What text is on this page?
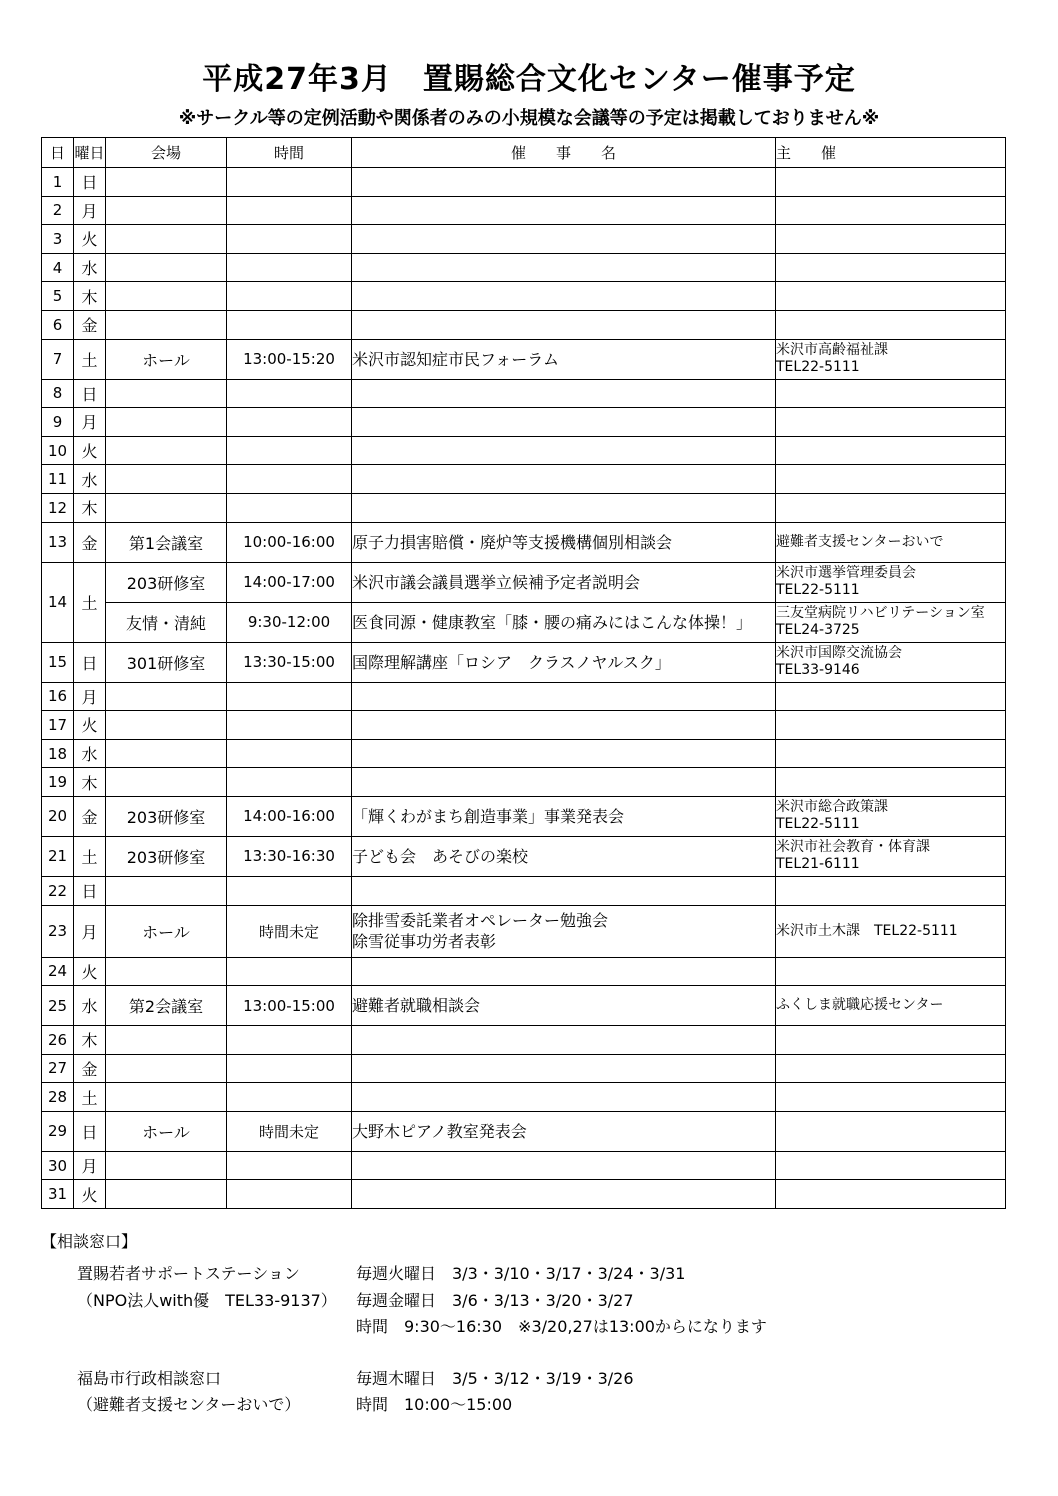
平成27年3月　置賜総合文化センター催事予定
※サークル等の定例活動や関係者のみの小規模な会議等の予定は掲載しておりません※
日	曜日	会場	時間	催　　事　　名	主　　催
1	日				
2	月				
3	火				
4	水				
5	木				
6	金				
7	土	ホール	13:00-15:20	米沢市認知症市民フォーラム	米沢市高齢福祉課
TEL22-5111

8	日				
9	月				
10	火				
11	水				
12	木				
13	金	第1会議室	10:00-16:00	原子力損害賠償・廃炉等支援機構個別相談会	避難者支援センターおいで

14	土	203研修室	14:00-17:00	米沢市議会議員選挙立候補予定者説明会	米沢市選挙管理委員会
TEL22-5111

		友情・清純	9:30-12:00	医食同源・健康教室「膝・腰の痛みにはこんな体操！」	三友堂病院リハビリテーション室
TEL24-3725

15	日	301研修室	13:30-15:00	国際理解講座「ロシア　クラスノヤルスク」	米沢市国際交流協会
TEL33-9146

16	月				
17	火				
18	水				
19	木				
20	金	203研修室	14:00-16:00	「輝くわがまち創造事業」事業発表会	米沢市総合政策課
TEL22-5111

21	土	203研修室	13:30-16:30	子ども会　あそびの楽校	米沢市社会教育・体育課
TEL21-6111

22	日				
23	月	ホール	時間未定	除排雪委託業者オペレーター勉強会
除雪従事功労者表彰	米沢市土木課　TEL22-5111

24	火				
25	水	第2会議室	13:00-15:00	避難者就職相談会	ふくしま就職応援センター

26	木				
27	金				
28	土				
29	日	ホール	時間未定	大野木ピアノ教室発表会	

30	月				
31	火				
【相談窓口】
置賜若者サポートステーション
（NPO法人with優　TEL33-9137）
毎週火曜日　3/3・3/10・3/17・3/24・3/31
毎週金曜日　3/6・3/13・3/20・3/27
時間　9:30～16:30　※3/20,27は13:00からになります
福島市行政相談窓口
（避難者支援センターおいで）
毎週木曜日　3/5・3/12・3/19・3/26
時間　10:00～15:00
